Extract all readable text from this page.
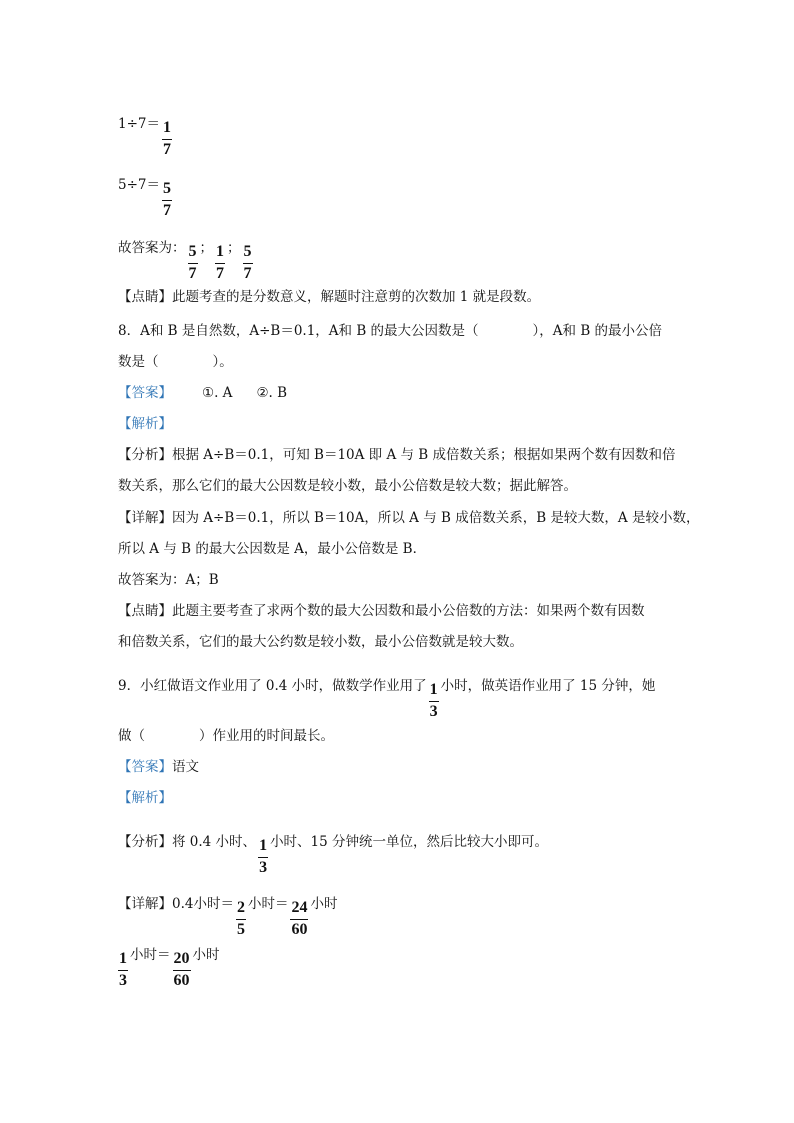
$1\div 7= \frac{1}{7}$
$5\div 7= \frac{5}{7}$
故答案为： $\frac{5}{7}$ ； $\frac{1}{7}$ ； $\frac{5}{7}$
【点睛】此题考查的是分数意义，解题时注意剪的次数加 1 就是段数。
8．A和 B 是自然数，A÷B＝0.1，A和 B 的最大公因数是（　　　　），A和 B 的最小公倍
数是（　　　　）。
【答案】 ①. A ②. B
【解析】
【分析】根据 A÷B＝0.1，可知 B＝10A 即 A 与 B 成倍数关系；根据如果两个数有因数和倍
数关系，那么它们的最大公因数是较小数，最小公倍数是较大数；据此解答。
【详解】因为 A÷B＝0.1，所以 B＝10A，所以 A 与 B 成倍数关系，B 是较大数，A 是较小数，
所以 A 与 B 的最大公因数是 A，最小公倍数是 B．
故答案为：A；B
【点睛】此题主要考查了求两个数的最大公因数和最小公倍数的方法：如果两个数有因数
和倍数关系，它们的最大公约数是较小数，最小公倍数就是较大数。
9．小红做语文作业用了 0.4 小时，做数学作业用了 $\frac{1}{3}$ 小时，做英语作业用了 15 分钟，她
做（　　　　）作业用的时间最长。
【答案】语文
【解析】
【分析】将 0.4 小时、 $\frac{1}{3}$ 小时、15 分钟统一单位，然后比较大小即可。
【详解】0.4小时＝ $\frac{2}{5}$ 小时＝ $\frac{24}{60}$ 小时
$\frac{1}{3}$ 小时＝ $\frac{20}{60}$ 小时
